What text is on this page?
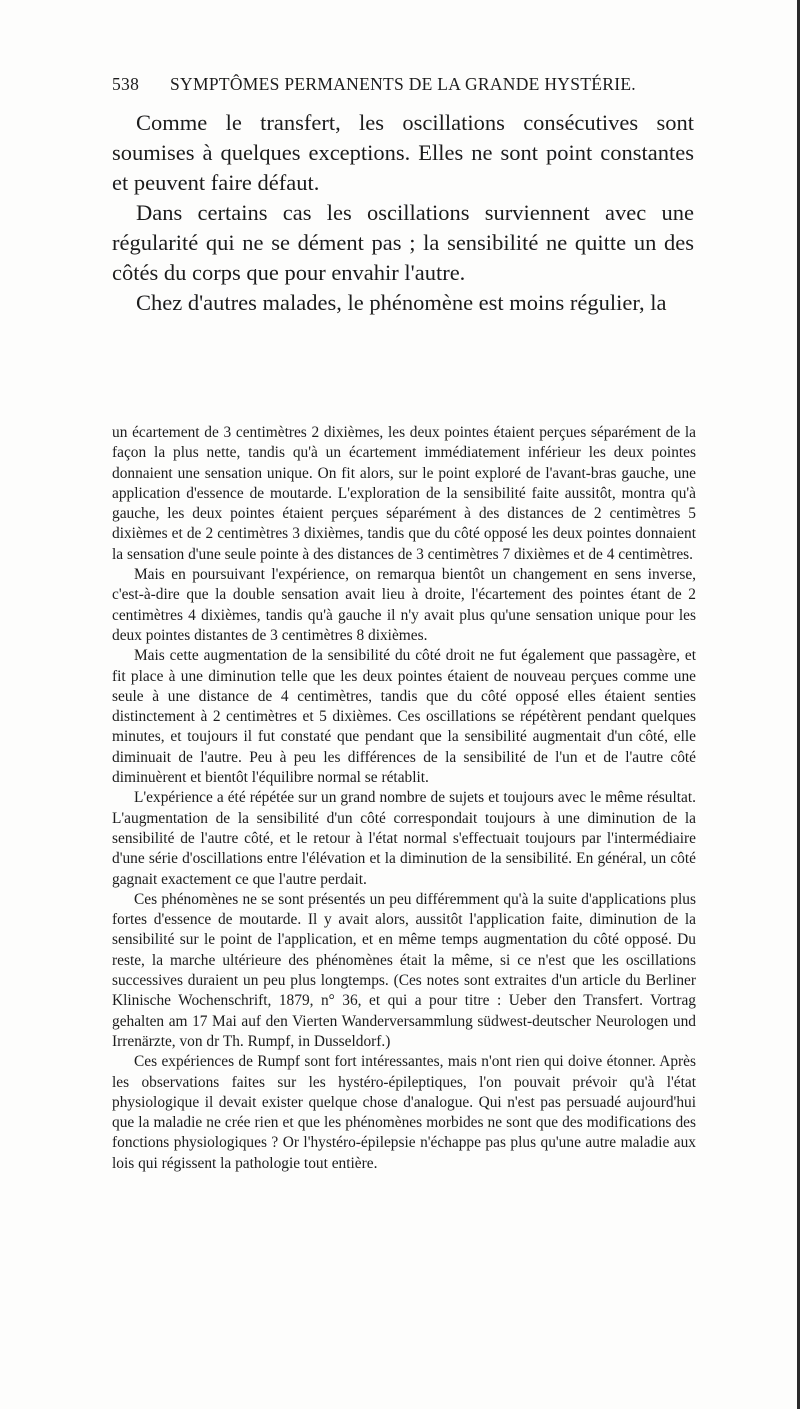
538 SYMPTÔMES PERMANENTS DE LA GRANDE HYSTÉRIE.

Comme le transfert, les oscillations consécutives sont soumises à quelques exceptions. Elles ne sont point constantes et peuvent faire défaut.

Dans certains cas les oscillations surviennent avec une régularité qui ne se dément pas ; la sensibilité ne quitte un des côtés du corps que pour envahir l'autre.

Chez d'autres malades, le phénomène est moins régulier, la

un écartement de 3 centimètres 2 dixièmes, les deux pointes étaient perçues séparément de la façon la plus nette, tandis qu'à un écartement immédiatement inférieur les deux pointes donnaient une sensation unique. On fit alors, sur le point exploré de l'avant-bras gauche, une application d'essence de moutarde. L'exploration de la sensibilité faite aussitôt, montra qu'à gauche, les deux pointes étaient perçues séparément à des distances de 2 centimètres 5 dixièmes et de 2 centimètres 3 dixièmes, tandis que du côté opposé les deux pointes donnaient la sensation d'une seule pointe à des distances de 3 centimètres 7 dixièmes et de 4 centimètres.

Mais en poursuivant l'expérience, on remarqua bientôt un changement en sens inverse, c'est-à-dire que la double sensation avait lieu à droite, l'écartement des pointes étant de 2 centimètres 4 dixièmes, tandis qu'à gauche il n'y avait plus qu'une sensation unique pour les deux pointes distantes de 3 centimètres 8 dixièmes.

Mais cette augmentation de la sensibilité du côté droit ne fut également que passagère, et fit place à une diminution telle que les deux pointes étaient de nouveau perçues comme une seule à une distance de 4 centimètres, tandis que du côté opposé elles étaient senties distinctement à 2 centimètres et 5 dixièmes. Ces oscillations se répétèrent pendant quelques minutes, et toujours il fut constaté que pendant que la sensibilité augmentait d'un côté, elle diminuait de l'autre. Peu à peu les différences de la sensibilité de l'un et de l'autre côté diminuèrent et bientôt l'équilibre normal se rétablit.

L'expérience a été répétée sur un grand nombre de sujets et toujours avec le même résultat. L'augmentation de la sensibilité d'un côté correspondait toujours à une diminution de la sensibilité de l'autre côté, et le retour à l'état normal s'effectuait toujours par l'intermédiaire d'une série d'oscillations entre l'élévation et la diminution de la sensibilité. En général, un côté gagnait exactement ce que l'autre perdait.

Ces phénomènes ne se sont présentés un peu différemment qu'à la suite d'applications plus fortes d'essence de moutarde. Il y avait alors, aussitôt l'application faite, diminution de la sensibilité sur le point de l'application, et en même temps augmentation du côté opposé. Du reste, la marche ultérieure des phénomènes était la même, si ce n'est que les oscillations successives duraient un peu plus longtemps. (Ces notes sont extraites d'un article du Berliner Klinische Wochenschrift, 1879, n° 36, et qui a pour titre : Ueber den Transfert. Vortrag gehalten am 17 Mai auf den Vierten Wanderversammlung südwest-deutscher Neurologen und Irrenärzte, von dr Th. Rumpf, in Dusseldorf.)

Ces expériences de Rumpf sont fort intéressantes, mais n'ont rien qui doive étonner. Après les observations faites sur les hystéro-épileptiques, l'on pouvait prévoir qu'à l'état physiologique il devait exister quelque chose d'analogue. Qui n'est pas persuadé aujourd'hui que la maladie ne crée rien et que les phénomènes morbides ne sont que des modifications des fonctions physiologiques ? Or l'hystéro-épilepsie n'échappe pas plus qu'une autre maladie aux lois qui régissent la pathologie tout entière.
